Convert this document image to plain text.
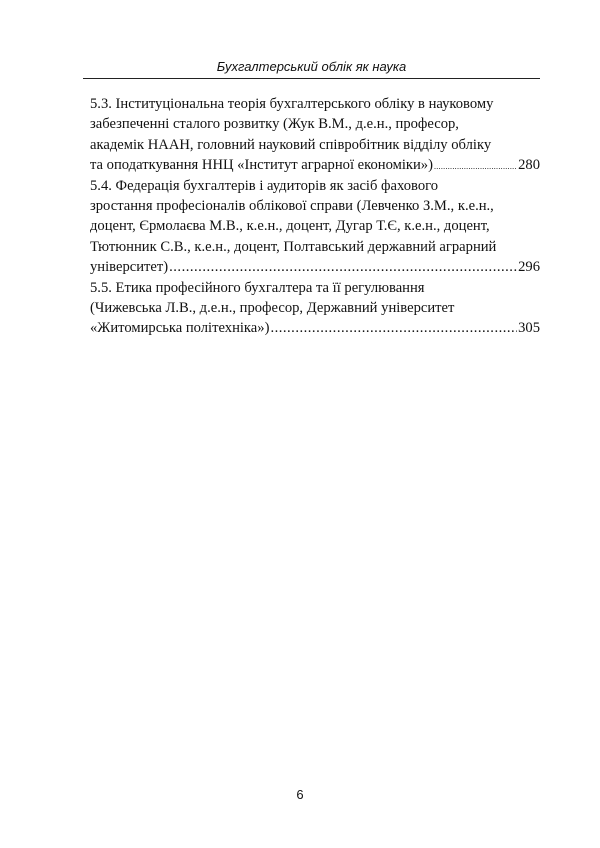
Бухгалтерський облік як наука
5.3. Інституціональна теорія бухгалтерського обліку в науковому
забезпеченні сталого розвитку (Жук В.М., д.е.н., професор,
академік НААН, головний науковий співробітник відділу обліку
та оподаткування ННЦ «Інститут аграрної економіки») .....	280
5.4. Федерація бухгалтерів і аудиторів як засіб фахового
зростання професіоналів облікової справи (Левченко З.М., к.е.н.,
доцент, Єрмолаєва М.В., к.е.н., доцент, Дугар Т.Є, к.е.н., доцент,
Тютюнник С.В., к.е.н., доцент, Полтавський державний аграрний
університет) .....	296
5.5. Етика професійного бухгалтера та її регулювання
(Чижевська Л.В., д.е.н., професор, Державний університет
«Житомирська політехніка») .....	305
6
